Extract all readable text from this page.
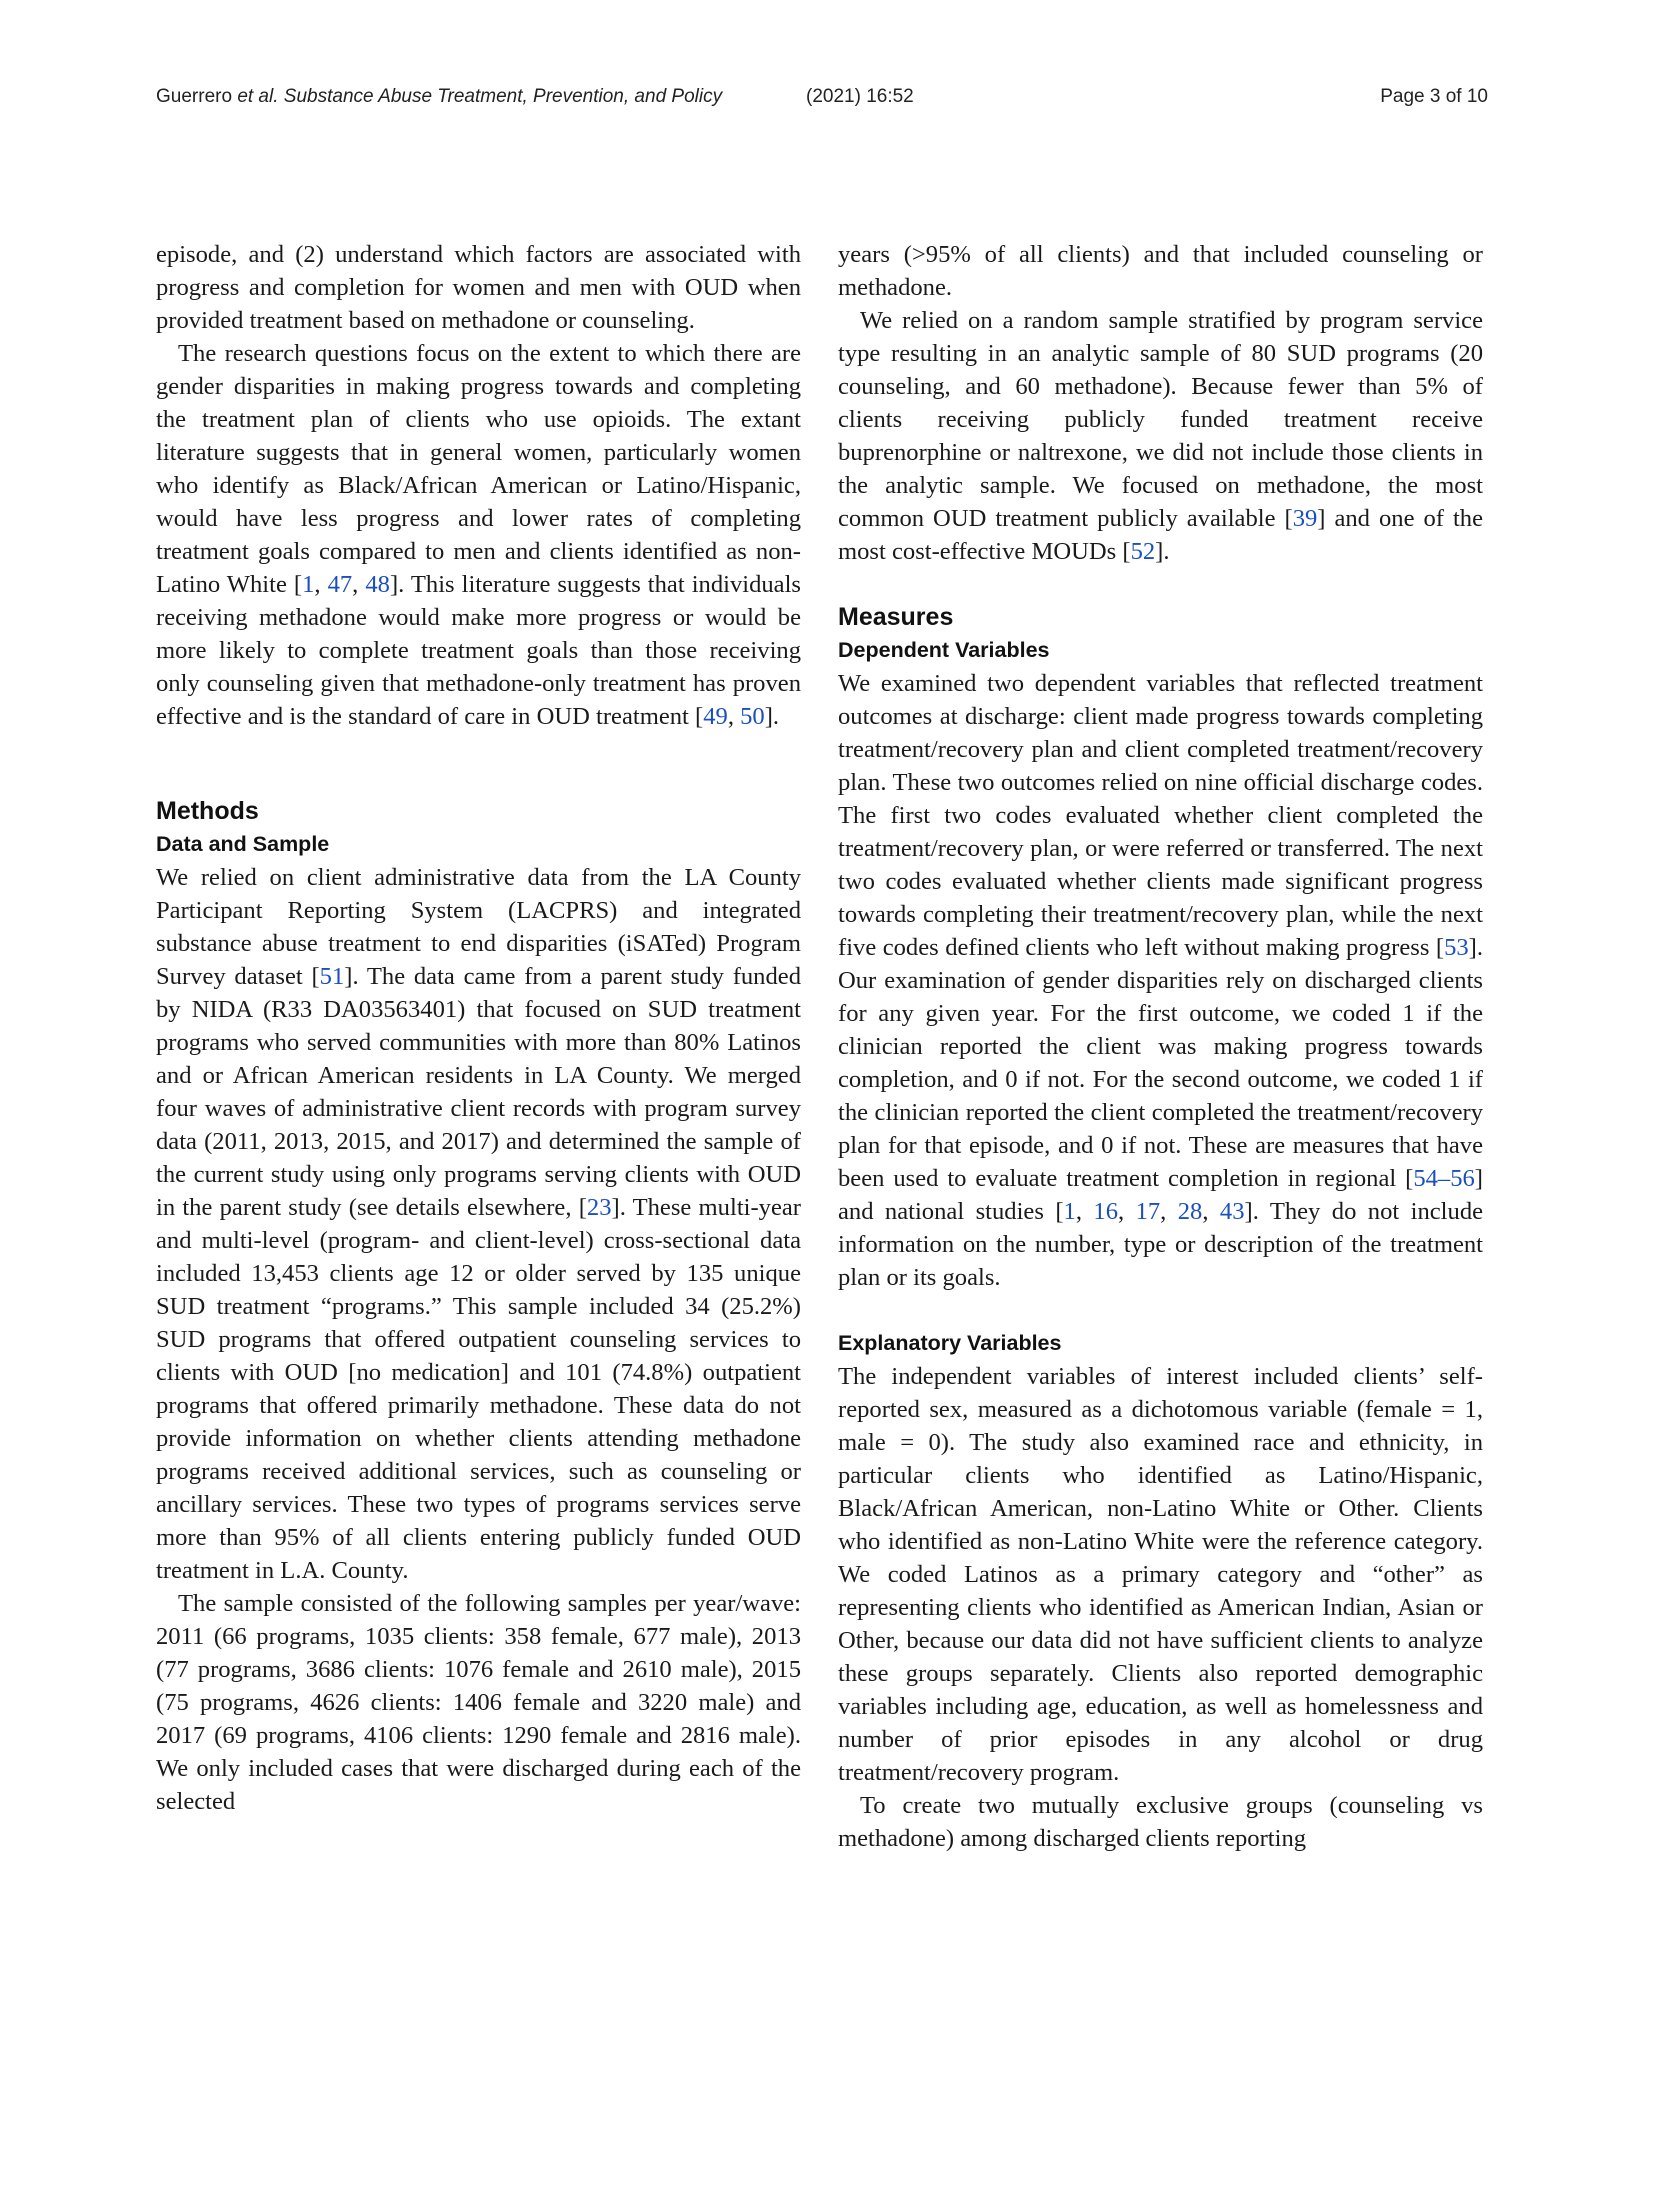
Guerrero et al. Substance Abuse Treatment, Prevention, and Policy	(2021) 16:52	Page 3 of 10

episode, and (2) understand which factors are associated with progress and completion for women and men with OUD when provided treatment based on methadone or counseling.

The research questions focus on the extent to which there are gender disparities in making progress towards and completing the treatment plan of clients who use opioids. The extant literature suggests that in general women, particularly women who identify as Black/African American or Latino/Hispanic, would have less progress and lower rates of completing treatment goals compared to men and clients identified as non-Latino White [1, 47, 48]. This literature suggests that individuals receiving methadone would make more progress or would be more likely to complete treatment goals than those receiving only counseling given that methadone-only treatment has proven effective and is the standard of care in OUD treatment [49, 50].

Methods
Data and Sample

We relied on client administrative data from the LA County Participant Reporting System (LACPRS) and integrated substance abuse treatment to end disparities (iSATed) Program Survey dataset [51]. The data came from a parent study funded by NIDA (R33 DA03563401) that focused on SUD treatment programs who served communities with more than 80% Latinos and or African American residents in LA County. We merged four waves of administrative client records with program survey data (2011, 2013, 2015, and 2017) and determined the sample of the current study using only programs serving clients with OUD in the parent study (see details elsewhere, [23]. These multi-year and multi-level (program- and client-level) cross-sectional data included 13,453 clients age 12 or older served by 135 unique SUD treatment “programs.” This sample included 34 (25.2%) SUD programs that offered outpatient counseling services to clients with OUD [no medication] and 101 (74.8%) outpatient programs that offered primarily methadone. These data do not provide information on whether clients attending methadone programs received additional services, such as counseling or ancillary services. These two types of programs services serve more than 95% of all clients entering publicly funded OUD treatment in L.A. County.

The sample consisted of the following samples per year/wave: 2011 (66 programs, 1035 clients: 358 female, 677 male), 2013 (77 programs, 3686 clients: 1076 female and 2610 male), 2015 (75 programs, 4626 clients: 1406 female and 3220 male) and 2017 (69 programs, 4106 clients: 1290 female and 2816 male). We only included cases that were discharged during each of the selected

years (>95% of all clients) and that included counseling or methadone.

We relied on a random sample stratified by program service type resulting in an analytic sample of 80 SUD programs (20 counseling, and 60 methadone). Because fewer than 5% of clients receiving publicly funded treatment receive buprenorphine or naltrexone, we did not include those clients in the analytic sample. We focused on methadone, the most common OUD treatment publicly available [39] and one of the most cost-effective MOUDs [52].

Measures
Dependent Variables

We examined two dependent variables that reflected treatment outcomes at discharge: client made progress towards completing treatment/recovery plan and client completed treatment/recovery plan. These two outcomes relied on nine official discharge codes. The first two codes evaluated whether client completed the treatment/recovery plan, or were referred or transferred. The next two codes evaluated whether clients made significant progress towards completing their treatment/recovery plan, while the next five codes defined clients who left without making progress [53]. Our examination of gender disparities rely on discharged clients for any given year. For the first outcome, we coded 1 if the clinician reported the client was making progress towards completion, and 0 if not. For the second outcome, we coded 1 if the clinician reported the client completed the treatment/recovery plan for that episode, and 0 if not. These are measures that have been used to evaluate treatment completion in regional [54–56] and national studies [1, 16, 17, 28, 43]. They do not include information on the number, type or description of the treatment plan or its goals.

Explanatory Variables

The independent variables of interest included clients’ self-reported sex, measured as a dichotomous variable (female = 1, male = 0). The study also examined race and ethnicity, in particular clients who identified as Latino/Hispanic, Black/African American, non-Latino White or Other. Clients who identified as non-Latino White were the reference category. We coded Latinos as a primary category and “other” as representing clients who identified as American Indian, Asian or Other, because our data did not have sufficient clients to analyze these groups separately. Clients also reported demographic variables including age, education, as well as homelessness and number of prior episodes in any alcohol or drug treatment/recovery program.

To create two mutually exclusive groups (counseling vs methadone) among discharged clients reporting
